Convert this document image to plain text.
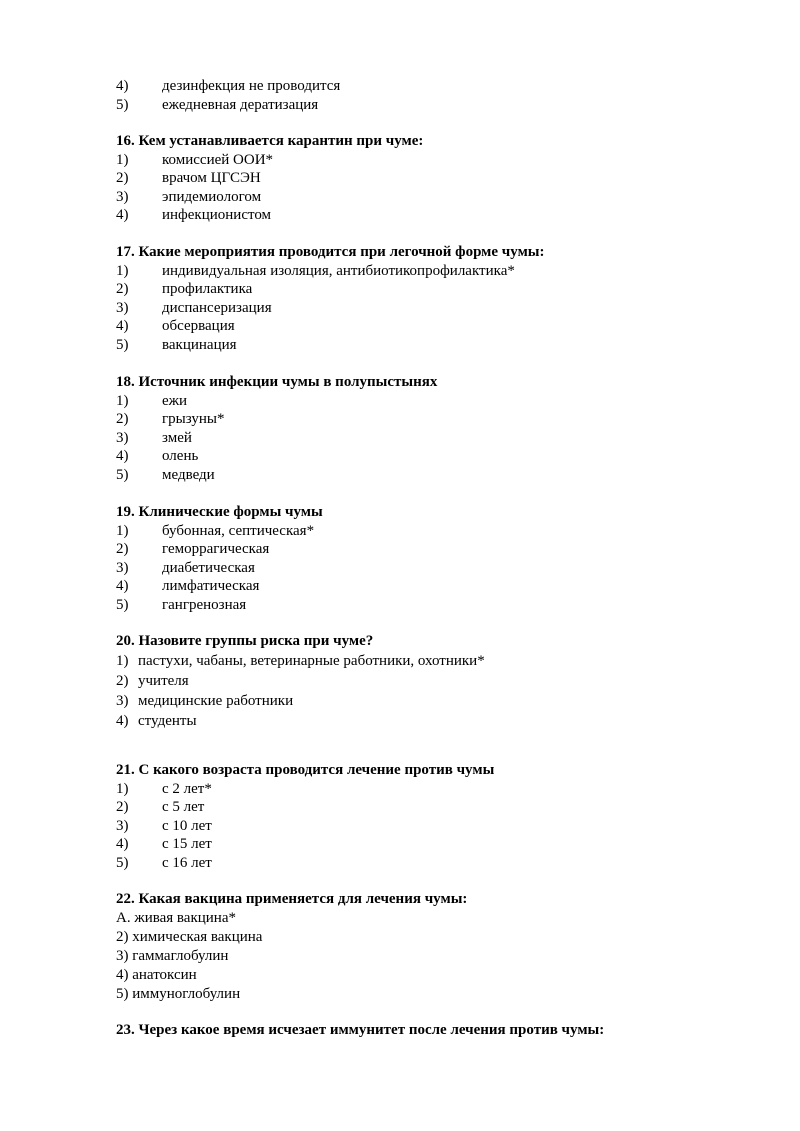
4) дезинфекция не проводится
5) ежедневная дератизация
16. Кем устанавливается карантин при чуме:
1) комиссией ООИ*
2) врачом ЦГСЭН
3) эпидемиологом
4) инфекционистом
17. Какие мероприятия проводится при легочной форме чумы:
1) индивидуальная изоляция, антибиотикопрофилактика*
2) профилактика
3) диспансеризация
4) обсервация
5) вакцинация
18. Источник инфекции чумы в полупыстынях
1) ежи
2) грызуны*
3) змей
4) олень
5) медведи
19. Клинические формы чумы
1) бубонная, септическая*
2) геморрагическая
3) диабетическая
4) лимфатическая
5) гангренозная
20. Назовите группы риска при чуме?
1) пастухи, чабаны, ветеринарные работники, охотники*
2) учителя
3) медицинские работники
4) студенты
21. С какого возраста проводится лечение против чумы
1) с 2 лет*
2) с 5 лет
3) с 10 лет
4) с 15 лет
5) с 16 лет
22. Какая вакцина применяется для лечения чумы:
А. живая вакцина*
2) химическая вакцина
3) гаммаглобулин
4) анатоксин
5) иммуноглобулин
23. Через какое время исчезает иммунитет после лечения против чумы:
